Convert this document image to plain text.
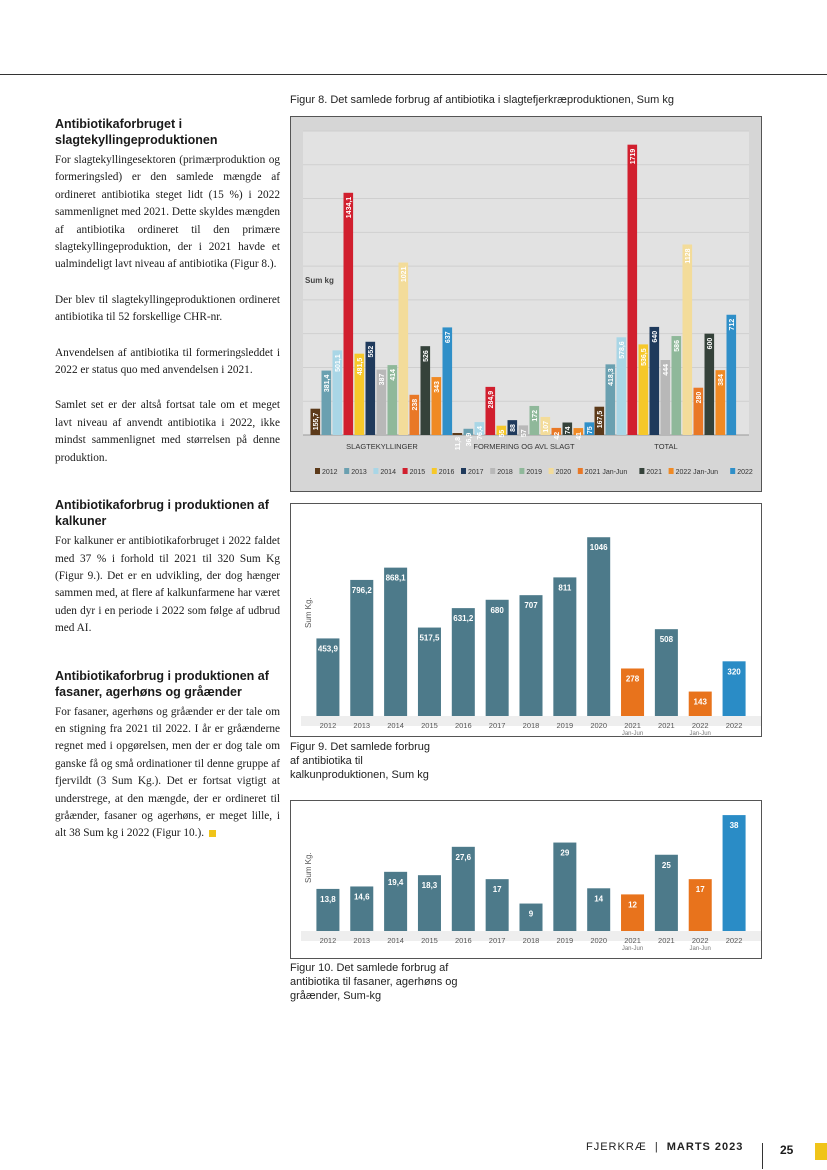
Antibiotikaforbruget i slagtekyllingeproduktionen

For slagtekyllingesektoren (primærproduktion og formeringsled) er den samlede mængde af ordineret antibiotika steget lidt (15 %) i 2022 sammenlignet med 2021. Dette skyldes mængden af antibiotika ordineret til den primære slagtekyllingeproduktion, der i 2021 havde et ualmindeligt lavt niveau af antibiotika (Figur 8.).

Der blev til slagtekyllingeproduktionen ordineret antibiotika til 52 forskellige CHR-nr.

Anvendelsen af antibiotika til formeringsleddet i 2022 er status quo med anvendelsen i 2021.

Samlet set er der altså fortsat tale om et meget lavt niveau af anvendt antibiotika i 2022, ikke mindst sammenlignet med størrelsen på denne produktion.

Antibiotikaforbrug i produktionen af kalkuner

For kalkuner er antibiotikaforbruget i 2022 faldet med 37 % i forhold til 2021 til 320 Sum Kg (Figur 9.). Det er en udvikling, der dog hænger sammen med, at flere af kalkunfarmene har været uden dyr i en periode i 2022 som følge af udbrud med AI.

Antibiotikaforbrug i produktionen af fasaner, agerhøns og gråænder

For fasaner, agerhøns og gråænder er der tale om en stigning fra 2021 til 2022. I år er gråænderne regnet med i opgørelsen, men der er dog tale om ganske få og små ordinationer til denne gruppe af fjervildt (3 Sum Kg.). Det er fortsat vigtigt at understrege, at den mængde, der er ordineret til gråænder, fasaner og agerhøns, er meget lille, i alt 38 Sum kg i 2022 (Figur 10.).

Figur 8. Det samlede forbrug af antibiotika i slagtefjerkræproduktionen, Sum kg
Sum kg
155,7
381,4
501,1
1434,1
481,5
552
387 414
1021
238
526
343
637
SLAGTEKYLLINGER	11,8 36,9 76,4
284,9
55
88
57
172
107
42
74
41
75
FORMERING OG AVL SLAGT
167,5
418,3
578,6
1719
536,5
640
444
586
1128
280
600
384
712
TOTAL
2012 2013 2014 2015 2016 2017 2018 2019 2020 2021 Jan-Jun	2021 2022 Jan-Jun	2022
Sum Kg.
453,9
2012
796,2
2013
868,1
2014
517,5
2015
631,2
2016
680
2017
707
2018
811
2019
1046
2020
278
2021
Jan-Jun
508
2021
143
2022
Jan-Jun
320
2022
Figur 9. Det samlede forbrug af antibiotika til kalkunproduktionen, Sum kg
Sum Kg.
13,8
2012
14,6
2013
19,4
2014
18,3
2015
27,6
2016
17
2017
9
2018
29
2019
14
2020
12
2021
Jan-Jun
25
2021
17
2022
Jan-Jun
38
2022
Figur 10. Det samlede forbrug af antibiotika til fasaner, agerhøns og gråænder, Sum-kg
FJERKRÆ | MARTS 2023	25
